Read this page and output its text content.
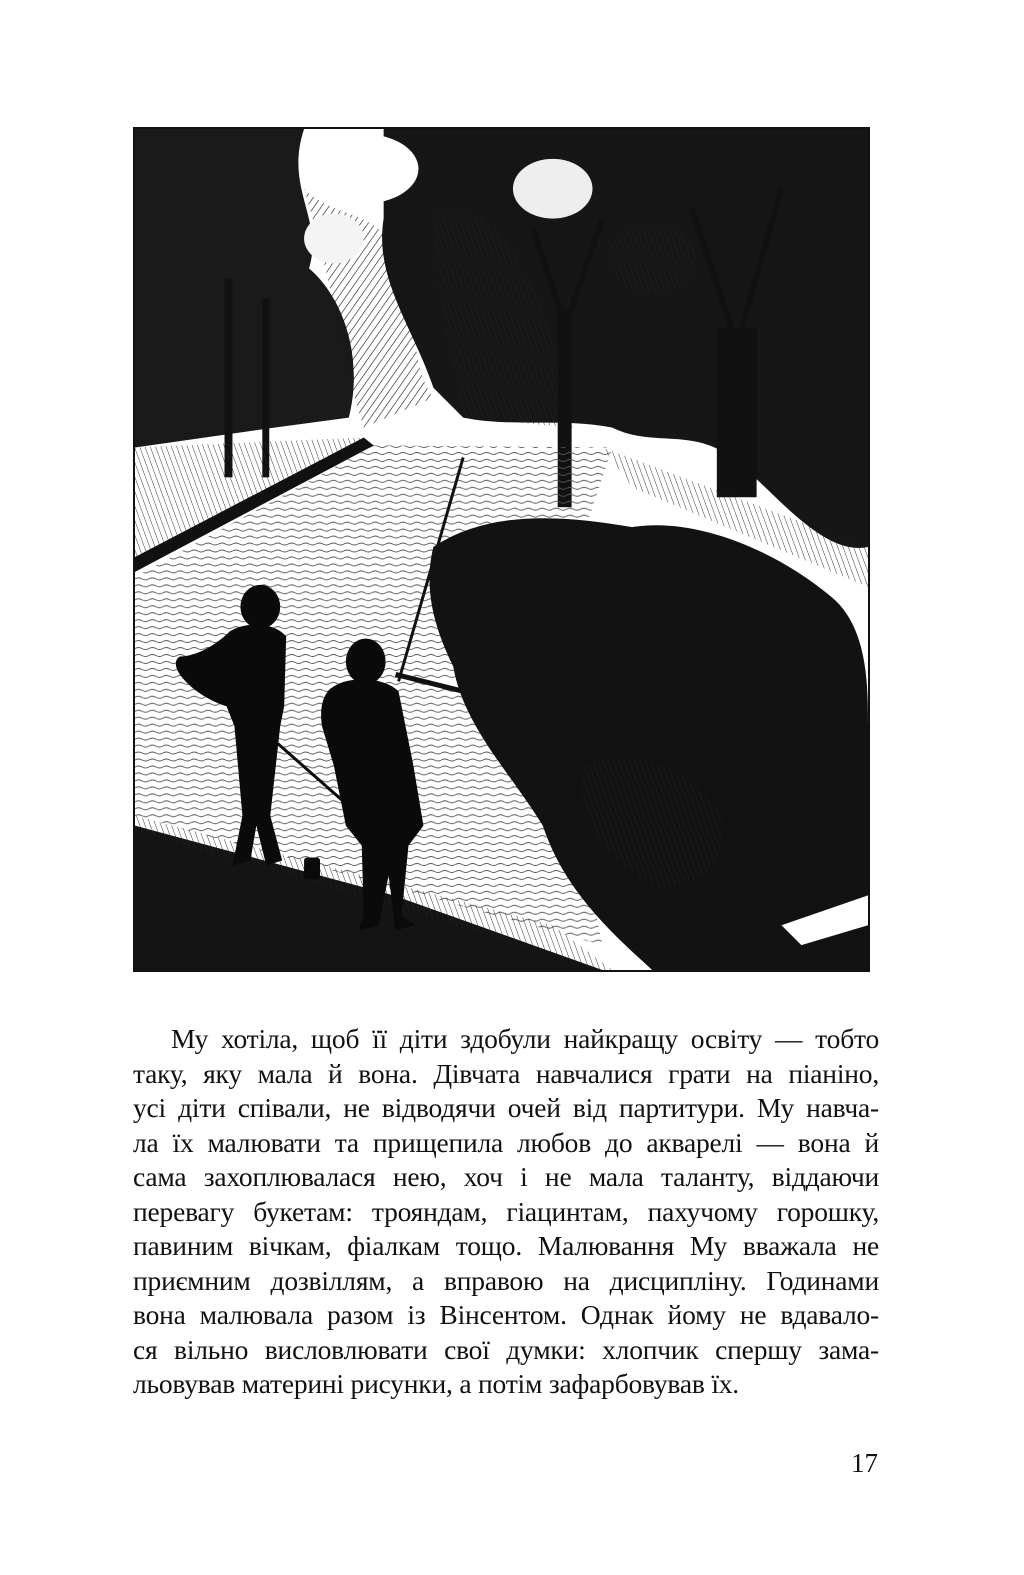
Му хотіла, щоб її діти здобули найкращу освіту — тобто
таку, яку мала й вона. Дівчата навчалися грати на піаніно,
усі діти співали, не відводячи очей від партитури. Му навча-
ла їх малювати та прищепила любов до акварелі — вона й
сама захоплювалася нею, хоч і не мала таланту, віддаючи
перевагу букетам: трояндам, гіацинтам, пахучому горошку,
павиним вічкам, фіалкам тощо. Малювання Му вважала не
приємним дозвіллям, а вправою на дисципліну. Годинами
вона малювала разом із Вінсентом. Однак йому не вдавало-
ся вільно висловлювати свої думки: хлопчик спершу зама-
льовував материні рисунки, а потім зафарбовував їх.
17
